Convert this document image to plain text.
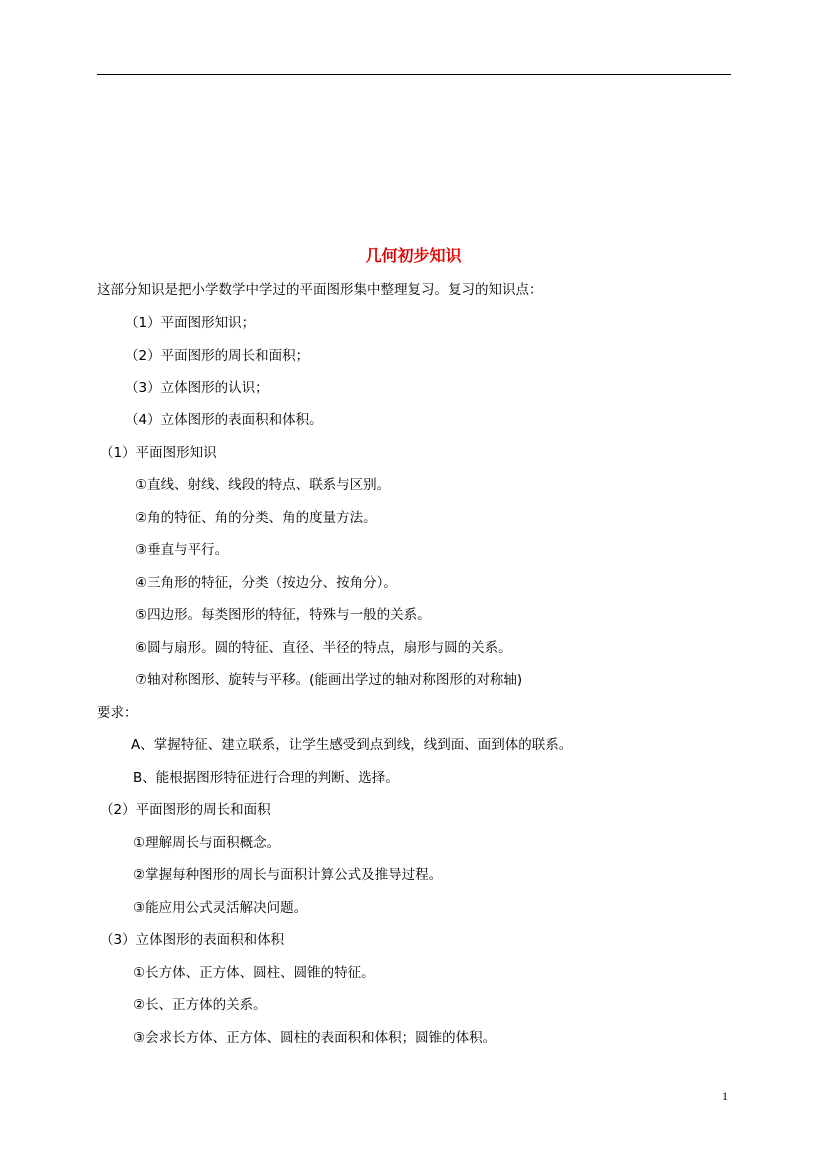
几何初步知识
这部分知识是把小学数学中学过的平面图形集中整理复习。复习的知识点：
（1）平面图形知识；
（2）平面图形的周长和面积；
（3）立体图形的认识；
（4）立体图形的表面积和体积。
（1）平面图形知识
①直线、射线、线段的特点、联系与区别。
②角的特征、角的分类、角的度量方法。
③垂直与平行。
④三角形的特征，分类（按边分、按角分）。
⑤四边形。每类图形的特征，特殊与一般的关系。
⑥圆与扇形。圆的特征、直径、半径的特点，扇形与圆的关系。
⑦轴对称图形、旋转与平移。(能画出学过的轴对称图形的对称轴)
要求：
A、掌握特征、建立联系，让学生感受到点到线，线到面、面到体的联系。
B、能根据图形特征进行合理的判断、选择。
（2）平面图形的周长和面积
①理解周长与面积概念。
②掌握每种图形的周长与面积计算公式及推导过程。
③能应用公式灵活解决问题。
（3）立体图形的表面积和体积
①长方体、正方体、圆柱、圆锥的特征。
②长、正方体的关系。
③会求长方体、正方体、圆柱的表面积和体积；圆锥的体积。
1
